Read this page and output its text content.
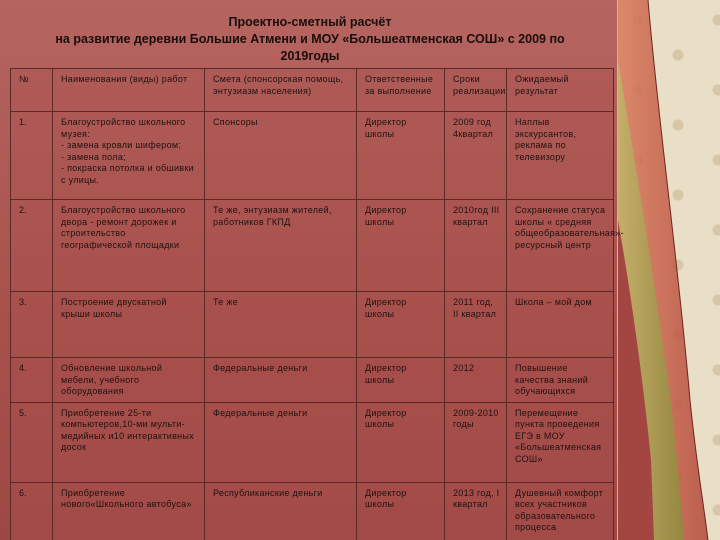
Проектно-сметный расчёт
на развитие деревни Большие Атмени и МОУ «Большеатменская СОШ» с 2009 по
2019годы
№	Наименования (виды) работ	Смета (спонсорская помощь, энтузиазм населения)	Ответственные за выполнение	Сроки реализации	Ожидаемый результат
1.	Благоустройство школьного музея:
- замена кровли шифером;
- замена пола;
- покраска потолка и обшивки с улицы.	Спонсоры	Директор школы	2009 год 4квартал	Наплыв экскурсантов, реклама по телевизору
2.	Благоустройство школьного двора - ремонт дорожек и строительство географической площадки	Те же, энтузиазм жителей, работников ГКПД	Директор школы	2010год III квартал	Сохранение статуса школы « средняя общеобразовательная»- ресурсный центр
3.	Построение двускатной крыши школы	Те же	Директор школы	2011 год, II квартал	Школа – мой дом
4.	Обновление школьной мебели, учебного оборудования	Федеральные деньги	Директор школы	2012	Повышение качества знаний обучающихся
5.	Приобретение 25-ти компьютеров,10-ми мульти-медийных и10 интерактивных досок	Федеральные деньги	Директор школы	2009-2010 годы	Перемещение пункта проведения ЕГЭ в МОУ «Большеатменская СОШ»
6.	Приобретение нового«Школьного автобуса»	Республиканские деньги	Директор школы	2013 год, I квартал	Душевный комфорт всех участников образовательного процесса
